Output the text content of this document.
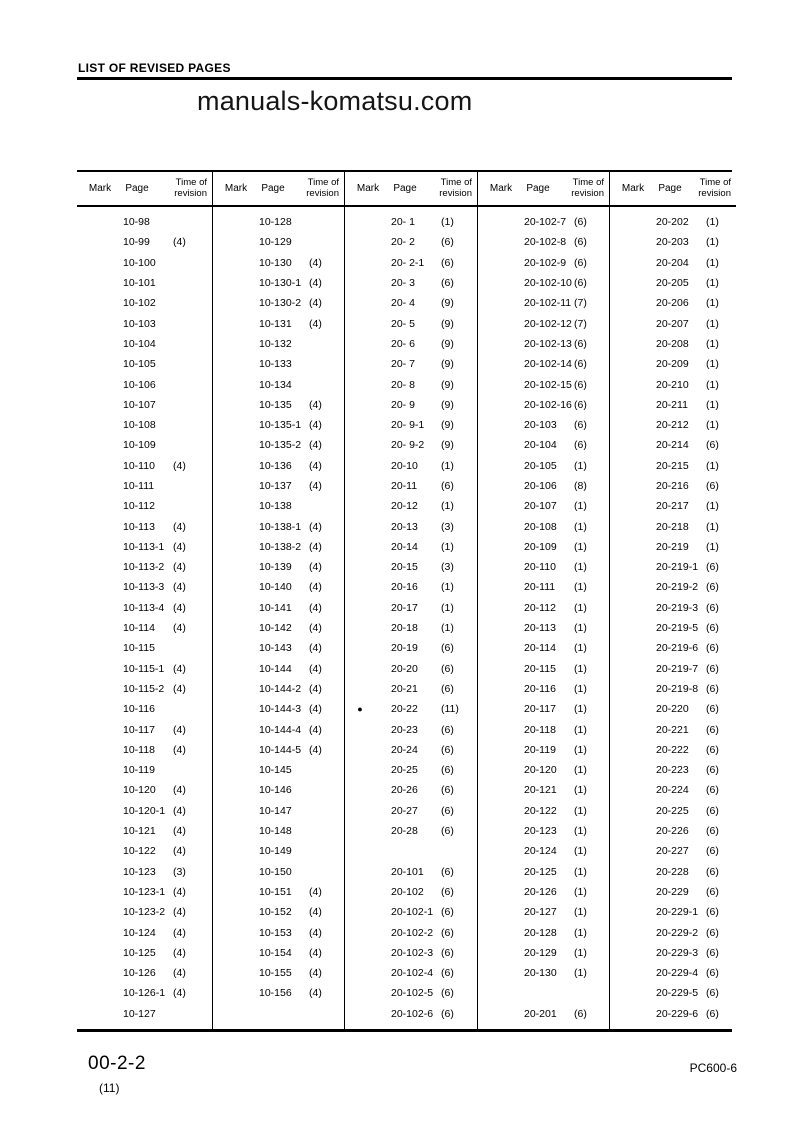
LIST OF REVISED PAGES
manuals-komatsu.com
Mark	Page
Time of revision
10-98
10-99	(4)
10-100
10-101
10-102
10-103
10-104
10-105
10-106
10-107
10-108
10-109
10-110	(4)
10-111
10-112
10-113	(4)
10-113-1 (4)
10-113-2 (4)
10-113-3 (4)
10-113-4 (4)
10-114	(4)
10-115
10-115-1 (4)
10-115-2 (4)
10-116
10-117	(4)
10-118	(4)
10-119
10-120	(4)
10-120-1 (4)
10-121	(4)
10-122	(4)
10-123	(3)
10-123-1 (4)
10-123-2 (4)
10-124	(4)
10-125	(4)
10-126	(4)
10-126-1 (4)
10-127
Mark	Page
Time of revision
10-128
10-129
10-130	(4)
10-130-1 (4)
10-130-2 (4)
10-131	(4)
10-132
10-133
10-134
10-135	(4)
10-135-1 (4)
10-135-2 (4)
10-136	(4)
10-137	(4)
10-138
10-138-1 (4)
10-138-2 (4)
10-139	(4)
10-140	(4)
10-141	(4)
10-142	(4)
10-143	(4)
10-144	(4)
10-144-2 (4)
10-144-3 (4)
10-144-4 (4)
10-144-5 (4)
10-145
10-146
10-147
10-148
10-149
10-150
10-151	(4)
10-152	(4)
10-153	(4)
10-154	(4)
10-155	(4)
10-156	(4)
Mark	Page
Time of revision
20- 1	(1)
20- 2	(6)
20- 2-1	(6)
20- 3	(6)
20- 4	(9)
20- 5	(9)
20- 6	(9)
20- 7	(9)
20- 8	(9)
20- 9	(9)
20- 9-1	(9)
20- 9-2	(9)
20-10	(1)
20-11	(6)
20-12	(1)
20-13	(3)
20-14	(1)
20-15	(3)
20-16	(1)
20-17	(1)
20-18	(1)
20-19	(6)
20-20	(6)
20-21	(6)
●	20-22	(11)
20-23	(6)
20-24	(6)
20-25	(6)
20-26	(6)
20-27	(6)
20-28	(6)
20-101	(6)
20-102	(6)
20-102-1 (6)
20-102-2 (6)
20-102-3 (6)
20-102-4 (6)
20-102-5 (6)
20-102-6 (6)
Mark	Page
Time of revision
20-102-7 (6)
20-102-8 (6)
20-102-9 (6)
20-102-10 (6)
20-102-11 (7)
20-102-12 (7)
20-102-13 (6)
20-102-14 (6)
20-102-15 (6)
20-102-16 (6)
20-103	(6)
20-104	(6)
20-105	(1)
20-106	(8)
20-107	(1)
20-108	(1)
20-109	(1)
20-110	(1)
20-111	(1)
20-112	(1)
20-113	(1)
20-114	(1)
20-115	(1)
20-116	(1)
20-117	(1)
20-118	(1)
20-119	(1)
20-120	(1)
20-121	(1)
20-122	(1)
20-123	(1)
20-124	(1)
20-125	(1)
20-126	(1)
20-127	(1)
20-128	(1)
20-129	(1)
20-130	(1)
20-201	(6)
Mark	Page
Time of revision
20-202	(1)
20-203	(1)
20-204	(1)
20-205	(1)
20-206	(1)
20-207	(1)
20-208	(1)
20-209	(1)
20-210	(1)
20-211	(1)
20-212	(1)
20-214	(6)
20-215	(1)
20-216	(6)
20-217	(1)
20-218	(1)
20-219	(1)
20-219-1 (6)
20-219-2 (6)
20-219-3 (6)
20-219-5 (6)
20-219-6 (6)
20-219-7 (6)
20-219-8 (6)
20-220	(6)
20-221	(6)
20-222	(6)
20-223	(6)
20-224	(6)
20-225	(6)
20-226	(6)
20-227	(6)
20-228	(6)
20-229	(6)
20-229-1 (6)
20-229-2 (6)
20-229-3 (6)
20-229-4 (6)
20-229-5 (6)
20-229-6 (6)
00-2-2
(11)
PC600-6
